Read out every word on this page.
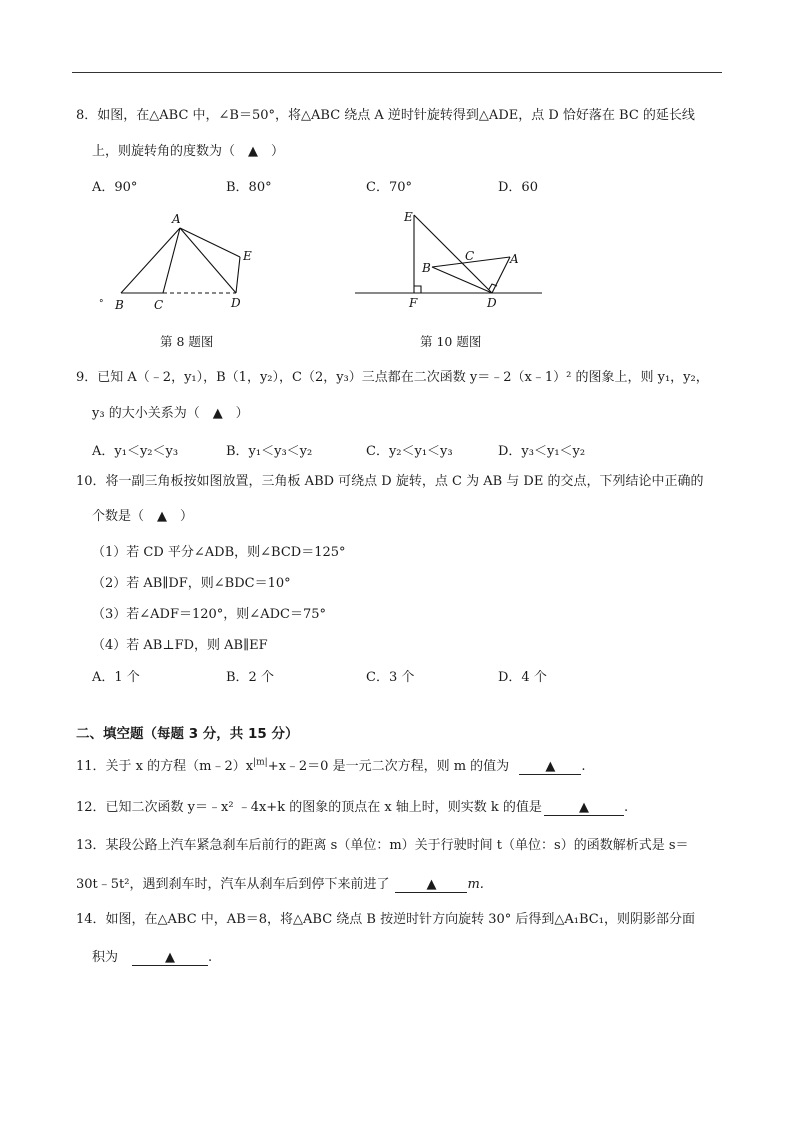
8．如图，在△ABC 中，∠B＝50°，将△ABC 绕点 A 逆时针旋转得到△ADE，点 D 恰好落在 BC 的延长线
上，则旋转角的度数为（　▲　）
A．90°	B．80°	C．70°	D．60
A
E
B	C	D
°
第 8 题图
E
C	A
B
F	D
第 10 题图
9．已知 A（﹣2，y₁），B（1，y₂），C（2，y₃）三点都在二次函数 y＝﹣2（x﹣1）² 的图象上，则 y₁，y₂，
y₃ 的大小关系为（　▲　）
A．y₁＜y₂＜y₃	B．y₁＜y₃＜y₂	C．y₂＜y₁＜y₃	D．y₃＜y₁＜y₂
10．将一副三角板按如图放置，三角板 ABD 可绕点 D 旋转，点 C 为 AB 与 DE 的交点，下列结论中正确的
个数是（　▲　）
（1）若 CD 平分∠ADB，则∠BCD＝125°
（2）若 AB∥DF，则∠BDC＝10°
（3）若∠ADF＝120°，则∠ADC＝75°
（4）若 AB⊥FD，则 AB∥EF
A．1 个	B．2 个	C．3 个	D．4 个
二、填空题（每题 3 分，共 15 分）
11．关于 x 的方程$(m﹣2)x^{|m|}+x﹣2=0$ 是一元二次方程，则 m 的值为	▲ .
12．已知二次函数 y＝﹣x² ﹣4x+k 的图象的顶点在 x 轴上时，则实数 k 的值是	▲	.
13．某段公路上汽车紧急刹车后前行的距离 s（单位：m）关于行驶时间 t（单位：s）的函数解析式是 s＝
30t﹣5t²，遇到刹车时，汽车从刹车后到停下来前进了	▲ m.
14．如图，在△ABC 中，AB＝8，将△ABC 绕点 B 按逆时针方向旋转 30° 后得到△A₁BC₁，则阴影部分面
积为	▲	.
